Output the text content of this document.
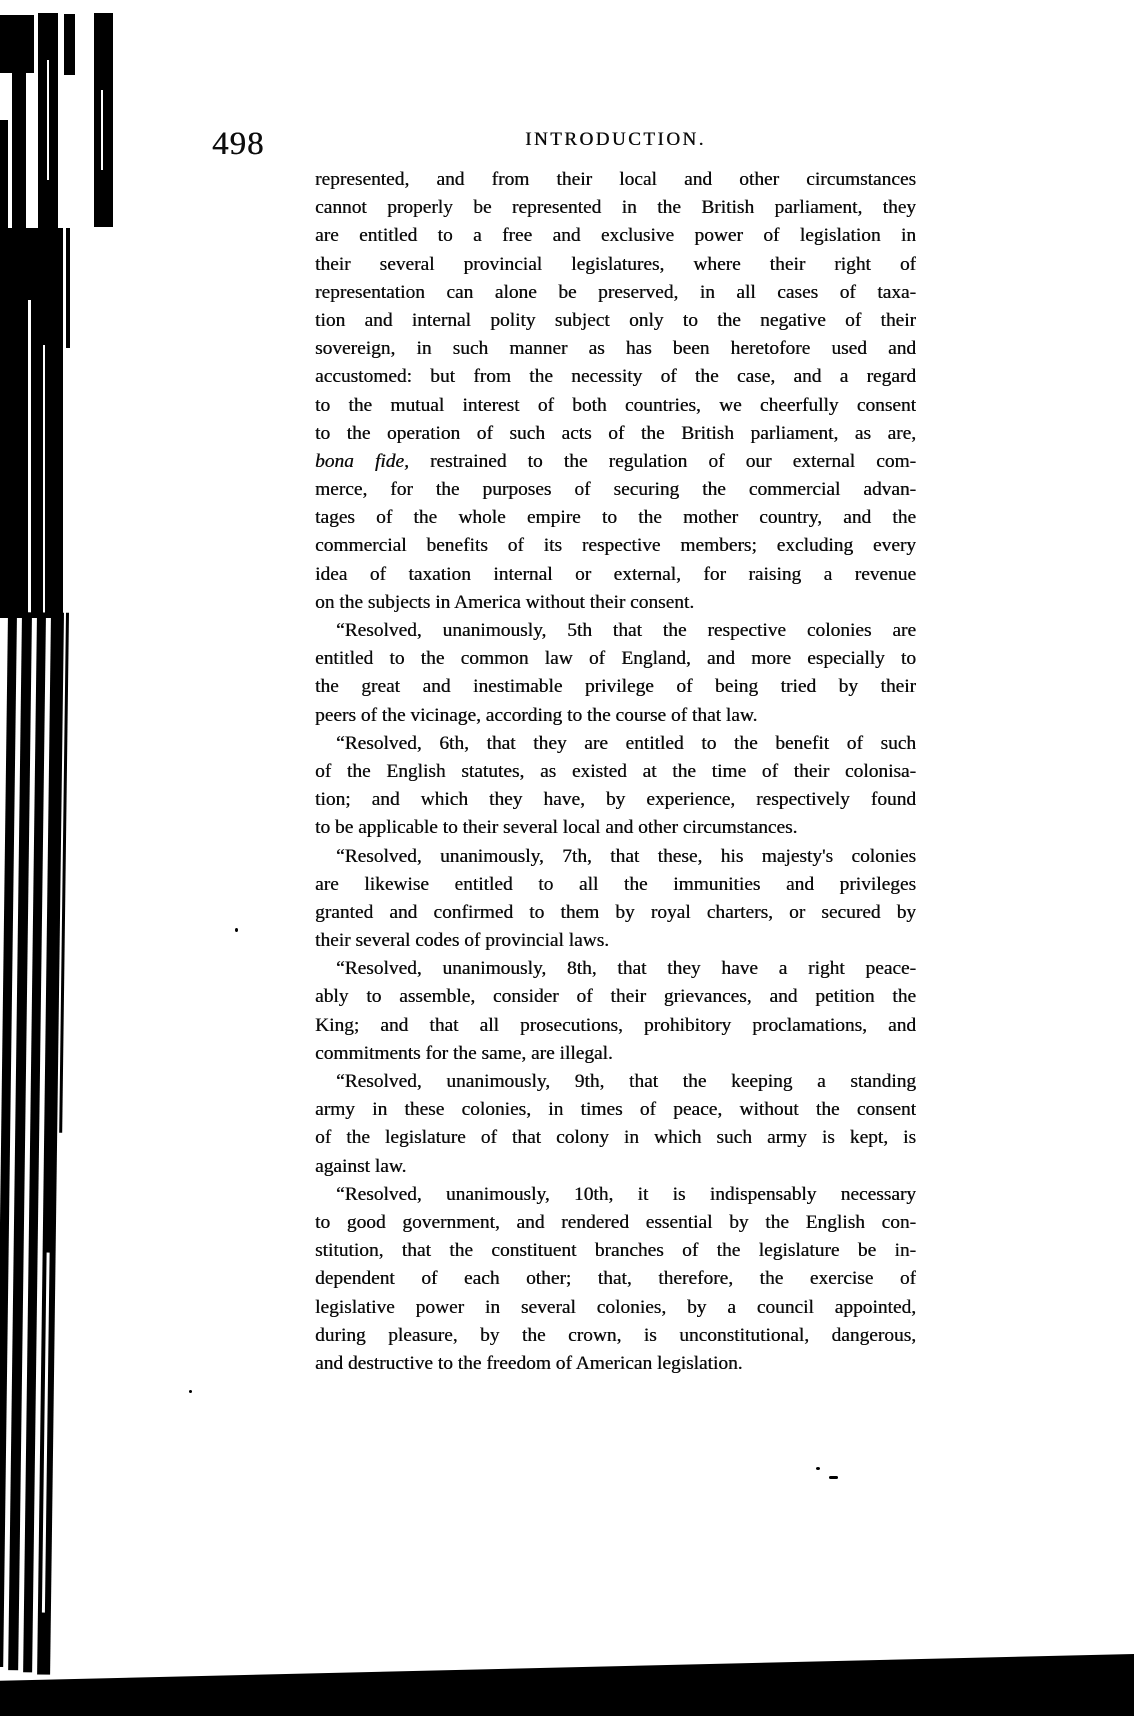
498	INTRODUCTION.
represented, and from their local and other circumstances
cannot properly be represented in the British parliament, they
are entitled to a free and exclusive power of legislation in
their several provincial legislatures, where their right of
representation can alone be preserved, in all cases of taxa-
tion and internal polity subject only to the negative of their
sovereign, in such manner as has been heretofore used and
accustomed: but from the necessity of the case, and a regard
to the mutual interest of both countries, we cheerfully consent
to the operation of such acts of the British parliament, as are,
bona fide, restrained to the regulation of our external com-
merce, for the purposes of securing the commercial advan-
tages of the whole empire to the mother country, and the
commercial benefits of its respective members; excluding every
idea of taxation internal or external, for raising a revenue
on the subjects in America without their consent.
“Resolved, unanimously, 5th that the respective colonies are
entitled to the common law of England, and more especially to
the great and inestimable privilege of being tried by their
peers of the vicinage, according to the course of that law.
“Resolved, 6th, that they are entitled to the benefit of such
of the English statutes, as existed at the time of their colonisa-
tion; and which they have, by experience, respectively found
to be applicable to their several local and other circumstances.
“Resolved, unanimously, 7th, that these, his majesty's colonies
are likewise entitled to all the immunities and privileges
granted and confirmed to them by royal charters, or secured by
their several codes of provincial laws.
“Resolved, unanimously, 8th, that they have a right peace-
ably to assemble, consider of their grievances, and petition the
King; and that all prosecutions, prohibitory proclamations, and
commitments for the same, are illegal.
“Resolved, unanimously, 9th, that the keeping a standing
army in these colonies, in times of peace, without the consent
of the legislature of that colony in which such army is kept, is
against law.
“Resolved, unanimously, 10th, it is indispensably necessary
to good government, and rendered essential by the English con-
stitution, that the constituent branches of the legislature be in-
dependent of each other; that, therefore, the exercise of
legislative power in several colonies, by a council appointed,
during pleasure, by the crown, is unconstitutional, dangerous,
and destructive to the freedom of American legislation.
